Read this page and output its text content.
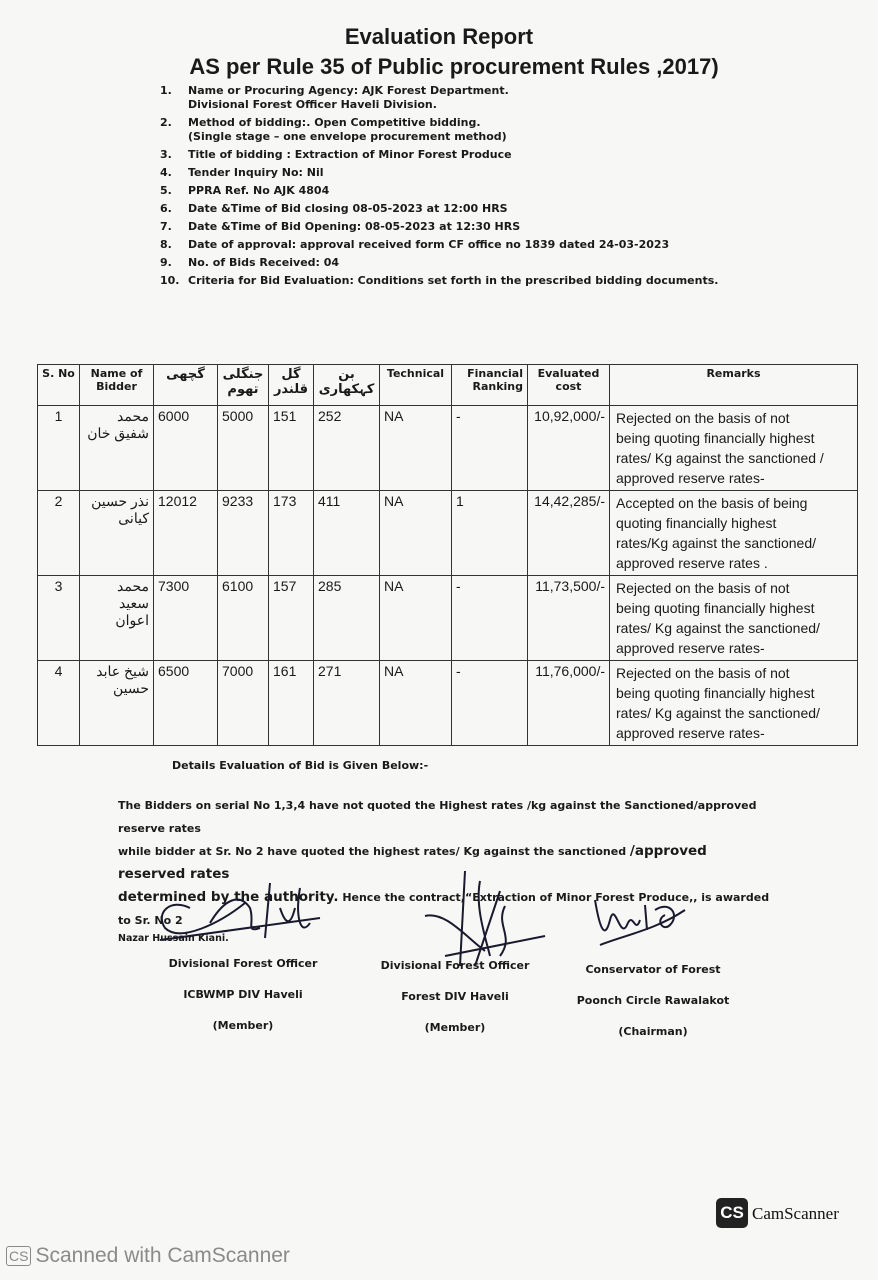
Evaluation Report
AS per Rule 35 of Public procurement Rules ,2017)
1.	Name or Procuring Agency: AJK Forest Department.
Divisional Forest Officer Haveli Division.
2.	Method of bidding:. Open Competitive bidding.
(Single stage – one envelope procurement method)
3.	Title of bidding : Extraction of Minor Forest Produce
4.	Tender Inquiry No: Nil
5.	PPRA Ref. No AJK 4804
6.	Date &Time of Bid closing 08-05-2023 at 12:00 HRS
7.	Date &Time of Bid Opening: 08-05-2023 at 12:30 HRS
8.	Date of approval: approval received form CF office no 1839 dated 24-03-2023
9.	No. of Bids Received: 04
10. Criteria for Bid Evaluation: Conditions set forth in the prescribed bidding documents.
S. No	Name of Bidder	گچھی	جنگلی تھوم	گل قلندر	بن کہکھاری	Technical	Financial Ranking	Evaluated cost	Remarks
1	محمد شفیق خان	6000	5000	151	252	NA	-	10,92,000/-	Rejected on the basis of not
being quoting financially highest
rates/ Kg against the sanctioned /
approved reserve rates-

2	نذر حسین کیانی	12012	9233	173	411	NA	1	14,42,285/-	Accepted on the basis of being
quoting financially highest
rates/Kg against the sanctioned/
approved reserve rates .

3	محمد سعید اعوان	7300	6100	157	285	NA	-	11,73,500/-	Rejected on the basis of not
being quoting financially highest
rates/ Kg against the sanctioned/
approved reserve rates-

4	شیخ عابد حسین	6500	7000	161	271	NA	-	11,76,000/-	Rejected on the basis of not
being quoting financially highest
rates/ Kg against the sanctioned/
approved reserve rates-
Details Evaluation of Bid is Given Below:-
The Bidders on serial No 1,3,4 have not quoted the Highest rates /kg against the Sanctioned/approved reserve rates
while bidder at Sr. No 2 have quoted the highest rates/ Kg against the sanctioned /approved reserved rates
determined by the authority. Hence the contract,“Extraction of Minor Forest Produce,, is awarded to Sr. No 2
Nazar Hussain Kiani.
Divisional Forest Officer
ICBWMP DIV Haveli
(Member)
Divisional Forest Officer
Forest DIV Haveli
(Member)
Conservator of Forest
Poonch Circle Rawalakot
(Chairman)
CS CamScanner
CS Scanned with CamScanner
